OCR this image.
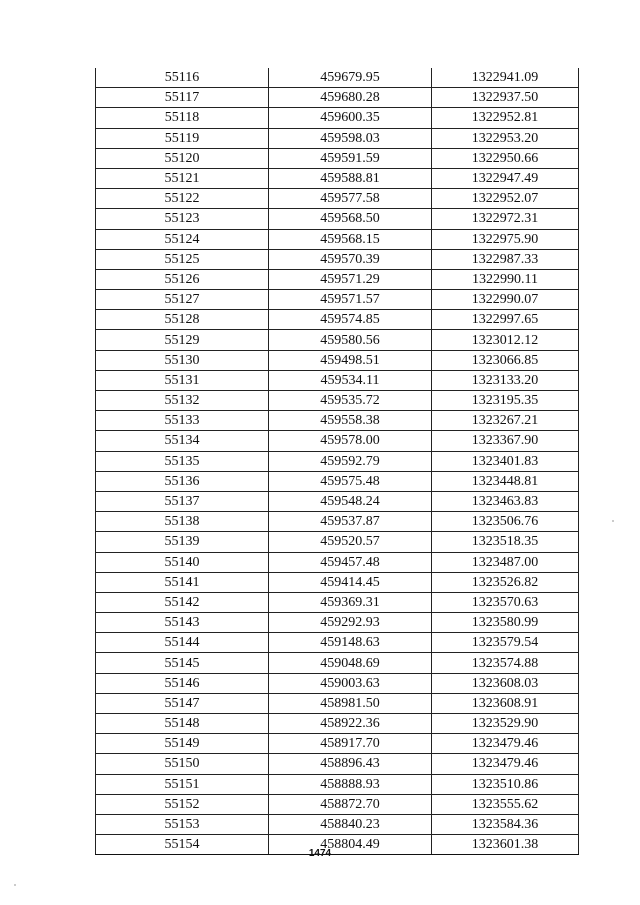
55116	459679.95	1322941.09
55117	459680.28	1322937.50
55118	459600.35	1322952.81
55119	459598.03	1322953.20
55120	459591.59	1322950.66
55121	459588.81	1322947.49
55122	459577.58	1322952.07
55123	459568.50	1322972.31
55124	459568.15	1322975.90
55125	459570.39	1322987.33
55126	459571.29	1322990.11
55127	459571.57	1322990.07
55128	459574.85	1322997.65
55129	459580.56	1323012.12
55130	459498.51	1323066.85
55131	459534.11	1323133.20
55132	459535.72	1323195.35
55133	459558.38	1323267.21
55134	459578.00	1323367.90
55135	459592.79	1323401.83
55136	459575.48	1323448.81
55137	459548.24	1323463.83
55138	459537.87	1323506.76
55139	459520.57	1323518.35
55140	459457.48	1323487.00
55141	459414.45	1323526.82
55142	459369.31	1323570.63
55143	459292.93	1323580.99
55144	459148.63	1323579.54
55145	459048.69	1323574.88
55146	459003.63	1323608.03
55147	458981.50	1323608.91
55148	458922.36	1323529.90
55149	458917.70	1323479.46
55150	458896.43	1323479.46
55151	458888.93	1323510.86
55152	458872.70	1323555.62
55153	458840.23	1323584.36
55154	458804.49	1323601.38
1474
